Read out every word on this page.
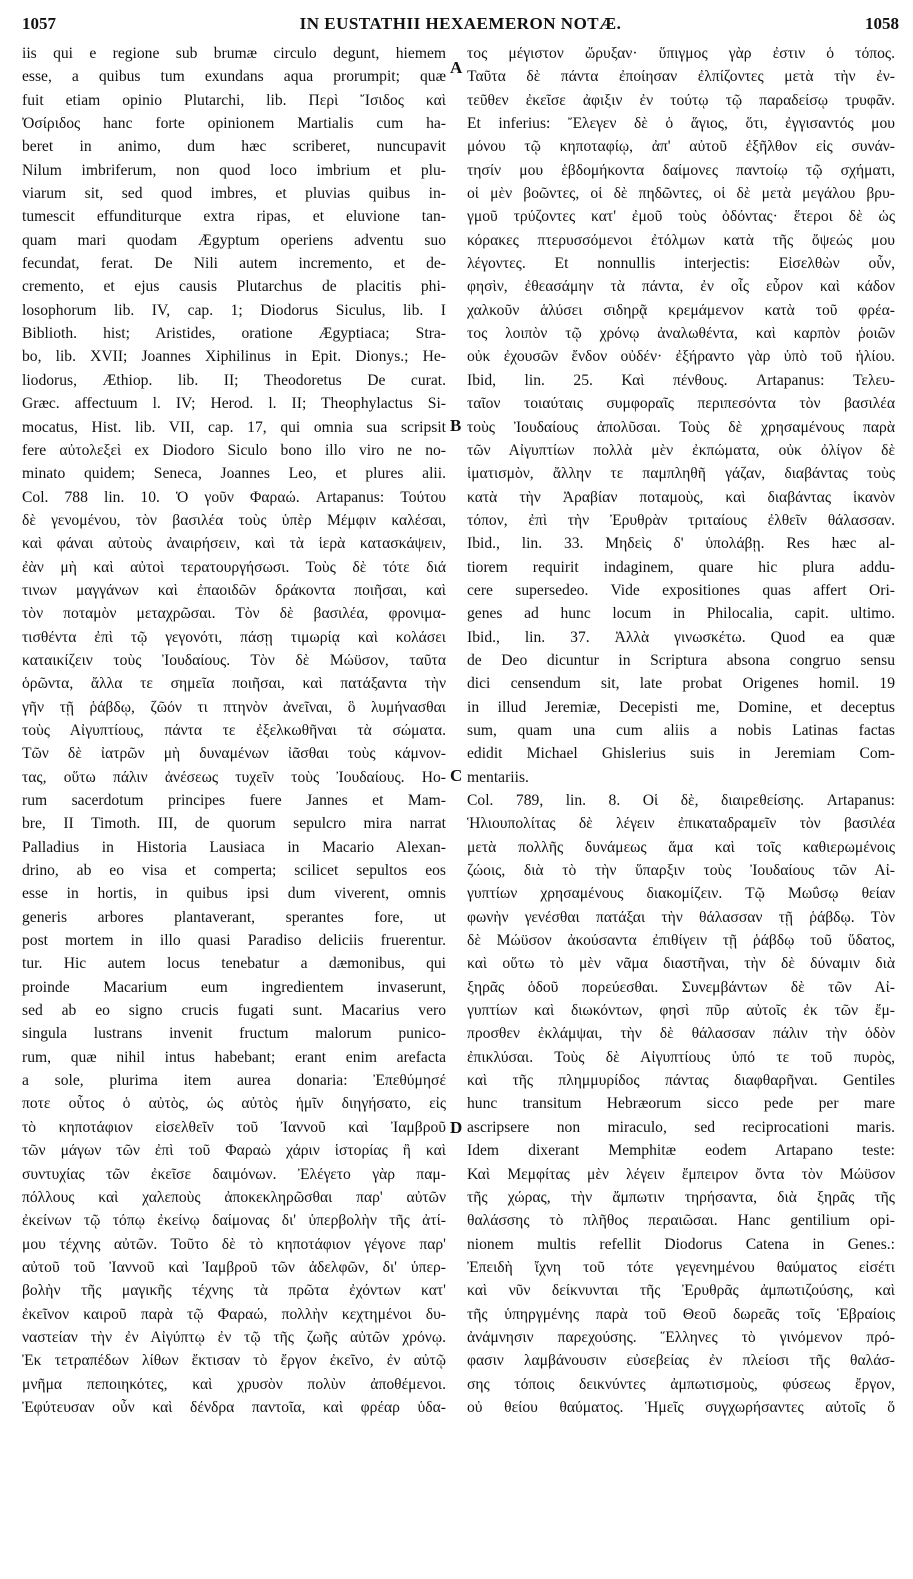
1057	IN EUSTATHII HEXAEMERON NOTÆ.	1058
iis qui e regione sub brumæ circulo degunt, hiemem
esse, a quibus tum exundans aqua prorumpit; quæ
fuit etiam opinio Plutarchi, lib. Περὶ Ἴσιδος καὶ
Ὀσίριδος hanc forte opinionem Martialis cum ha-
beret in animo, dum hæc scriberet, nuncupavit
Nilum imbriferum, non quod loco imbrium et plu-
viarum sit, sed quod imbres, et pluvias quibus in-
tumescit effunditurque extra ripas, et eluvione tan-
quam mari quodam Ægyptum operiens adventu suo
fecundat, ferat. De Nili autem incremento, et de-
cremento, et ejus causis Plutarchus de placitis phi-
losophorum lib. IV, cap. 1; Diodorus Siculus, lib. I
Biblioth. hist; Aristides, oratione Ægyptiaca; Stra-
bo, lib. XVII; Joannes Xiphilinus in Epit. Dionys.; He-
liodorus, Æthiop. lib. II; Theodoretus De curat.
Græc. affectuum l. IV; Herod. l. II; Theophylactus Si-
mocatus, Hist. lib. VII, cap. 17, qui omnia sua scripsit
fere αὐτολεξεὶ ex Diodoro Siculo bono illo viro ne no-
minato quidem; Seneca, Joannes Leo, et plures alii.
Col. 788 lin. 10. Ὁ γοῦν Φαραώ. Artapanus: Τούτου
δὲ γενομένου, τὸν βασιλέα τοὺς ὑπὲρ Μέμφιν καλέσαι,
καὶ φάναι αὐτοὺς ἀναιρήσειν, καὶ τὰ ἱερὰ κατασκάψειν,
ἐὰν μὴ καὶ αὐτοὶ τερατουργήσωσι. Τοὺς δὲ τότε διά
τινων μαγγάνων καὶ ἐπαοιδῶν δράκοντα ποιῆσαι, καὶ
τὸν ποταμὸν μεταχρῶσαι. Τὸν δὲ βασιλέα, φρονιμα-
τισθέντα ἐπὶ τῷ γεγονότι, πάσῃ τιμωρίᾳ καὶ κολάσει
καταικίζειν τοὺς Ἰουδαίους. Τὸν δὲ Μώϋσον, ταῦτα
ὁρῶντα, ἄλλα τε σημεῖα ποιῆσαι, καὶ πατάξαντα τὴν
γῆν τῇ ῥάβδῳ, ζῶόν τι πτηνὸν ἀνεῖναι, ὃ λυμήνασθαι
τοὺς Αἰγυπτίους, πάντα τε ἐξελκωθῆναι τὰ σώματα.
Τῶν δὲ ἰατρῶν μὴ δυναμένων ἰᾶσθαι τοὺς κάμνον-
τας, οὕτω πάλιν ἀνέσεως τυχεῖν τοὺς Ἰουδαίους. Ho-
rum sacerdotum principes fuere Jannes et Mam-
bre, II Timoth. III, de quorum sepulcro mira narrat
Palladius in Historia Lausiaca in Macario Alexan-
drino, ab eo visa et comperta; scilicet sepultos eos
esse in hortis, in quibus ipsi dum viverent, omnis
generis arbores plantaverant, sperantes fore, ut
post mortem in illo quasi Paradiso deliciis fruerentur.
tur. Hic autem locus tenebatur a dæmonibus, qui
proinde Macarium eum ingredientem invaserunt,
sed ab eo signo crucis fugati sunt. Macarius vero
singula lustrans invenit fructum malorum punico-
rum, quæ nihil intus habebant; erant enim arefacta
a sole, plurima item aurea donaria: Ἐπεθύμησέ
ποτε οὗτος ὁ αὐτὸς, ὡς αὐτὸς ἡμῖν διηγήσατο, εἰς
τὸ κηποτάφιον εἰσελθεῖν τοῦ Ἰαννοῦ καὶ Ἰαμβροῦ
τῶν μάγων τῶν ἐπὶ τοῦ Φαραὼ χάριν ἱστορίας ἢ καὶ
συντυχίας τῶν ἐκεῖσε δαιμόνων. Ἐλέγετο γὰρ παμ-
πόλλους καὶ χαλεποὺς ἀποκεκληρῶσθαι παρ' αὐτῶν
ἐκείνων τῷ τόπῳ ἐκείνῳ δαίμονας δι' ὑπερβολὴν τῆς ἀτί-
μου τέχνης αὐτῶν. Τοῦτο δὲ τὸ κηποτάφιον γέγονε παρ'
αὐτοῦ τοῦ Ἰαννοῦ καὶ Ἰαμβροῦ τῶν ἀδελφῶν, δι' ὑπερ-
βολὴν τῆς μαγικῆς τέχνης τὰ πρῶτα ἐχόντων κατ'
ἐκεῖνον καιροῦ παρὰ τῷ Φαραώ, πολλὴν κεχτημένοι δυ-
ναστείαν τὴν ἐν Αἰγύπτῳ ἐν τῷ τῆς ζωῆς αὐτῶν χρόνῳ.
Ἐκ τετραπέδων λίθων ἔκτισαν τὸ ἔργον ἐκεῖνο, ἐν αὐτῷ
μνῆμα πεποιηκότες, καὶ χρυσὸν πολὺν ἀποθέμενοι.
Ἐφύτευσαν οὖν καὶ δένδρα παντοῖα, καὶ φρέαρ ὑδα-
τος μέγιστον ὤρυξαν· ὕπιγμος γὰρ ἐστιν ὁ τόπος.
Ταῦτα δὲ πάντα ἐποίησαν ἐλπίζοντες μετὰ τὴν ἐν-
τεῦθεν ἐκεῖσε ἀφιξιν ἐν τούτῳ τῷ παραδείσῳ τρυφᾶν.
Et inferius: Ἔλεγεν δὲ ὁ ἅγιος, ὅτι, ἐγγισαντός μου
μόνου τῷ κηποταφίῳ, ἀπ' αὐτοῦ ἐξῆλθον εἰς συνάν-
τησίν μου ἑβδομήκοντα δαίμονες παντοίῳ τῷ σχήματι,
οἱ μὲν βοῶντες, οἱ δὲ πηδῶντες, οἱ δὲ μετὰ μεγάλου βρυ-
γμοῦ τρύζοντες κατ' ἐμοῦ τοὺς ὀδόντας· ἕτεροι δὲ ὡς
κόρακες πτερυσσόμενοι ἐτόλμων κατὰ τῆς ὄψεώς μου
λέγοντες. Et nonnullis interjectis: Εἰσελθὼν οὖν,
φησὶν, ἐθεασάμην τὰ πάντα, ἐν οἷς εὗρον καὶ κάδον
χαλκοῦν ἁλύσει σιδηρᾷ κρεμάμενον κατὰ τοῦ φρέα-
τος λοιπὸν τῷ χρόνῳ ἀναλωθέντα, καὶ καρπὸν ῥοιῶν
οὐκ ἐχουσῶν ἔνδον οὐδέν· ἐξήραντο γὰρ ὑπὸ τοῦ ἡλίου.
Ibid, lin. 25. Καὶ πένθους. Artapanus: Τελευ-
ταῖον τοιαύταις συμφοραῖς περιπεσόντα τὸν βασιλέα
τοὺς Ἰουδαίους ἀπολῦσαι. Τοὺς δὲ χρησαμένους παρὰ
τῶν Αἰγυπτίων πολλὰ μὲν ἐκπώματα, οὐκ ὀλίγον δὲ
ἱματισμὸν, ἄλλην τε παμπληθῆ γάζαν, διαβάντας τοὺς
κατὰ τὴν Ἀραβίαν ποταμοὺς, καὶ διαβάντας ἱκανὸν
τόπον, ἐπὶ τὴν Ἐρυθρὰν τριταίους ἐλθεῖν θάλασσαν.
Ibid., lin. 33. Μηδεὶς δ' ὑπολάβῃ. Res hæc al-
tiorem requirit indaginem, quare hic plura addu-
cere supersedeo. Vide expositiones quas affert Ori-
genes ad hunc locum in Philocalia, capit. ultimo.
Ibid., lin. 37. Ἀλλὰ γινωσκέτω. Quod ea quæ
de Deo dicuntur in Scriptura absona congruo sensu
dici censendum sit, late probat Origenes homil. 19
in illud Jeremiæ, Decepisti me, Domine, et deceptus
sum, quam una cum aliis a nobis Latinas factas
edidit Michael Ghislerius suis in Jeremiam Com-
mentariis.
Col. 789, lin. 8. Οἱ δὲ, διαιρεθείσης. Artapanus:
Ἡλιουπολίτας δὲ λέγειν ἐπικαταδραμεῖν τὸν βασιλέα
μετὰ πολλῆς δυνάμεως ἅμα καὶ τοῖς καθιερωμένοις
ζώοις, διὰ τὸ τὴν ὕπαρξιν τοὺς Ἰουδαίους τῶν Αἰ-
γυπτίων χρησαμένους διακομίζειν. Τῷ Μωΰσῳ θείαν
φωνὴν γενέσθαι πατάξαι τὴν θάλασσαν τῇ ῥάβδῳ. Τὸν
δὲ Μώϋσον ἀκούσαντα ἐπιθίγειν τῇ ῥάβδῳ τοῦ ὕδατος,
καὶ οὕτω τὸ μὲν νᾶμα διαστῆναι, τὴν δὲ δύναμιν διὰ
ξηρᾶς ὁδοῦ πορεύεσθαι. Συνεμβάντων δὲ τῶν Αἰ-
γυπτίων καὶ διωκόντων, φησὶ πῦρ αὐτοῖς ἐκ τῶν ἔμ-
προσθεν ἐκλάμψαι, τὴν δὲ θάλασσαν πάλιν τὴν ὁδὸν
ἐπικλύσαι. Τοὺς δὲ Αἰγυπτίους ὑπό τε τοῦ πυρὸς,
καὶ τῆς πλημμυρίδος πάντας διαφθαρῆναι. Gentiles
hunc transitum Hebræorum sicco pede per mare
ascripsere non miraculo, sed reciprocationi maris.
Idem dixerant Memphitæ eodem Artapano teste:
Καὶ Μεμφίτας μὲν λέγειν ἔμπειρον ὄντα τὸν Μώϋσον
τῆς χώρας, τὴν ἄμπωτιν τηρήσαντα, διὰ ξηρᾶς τῆς
θαλάσσης τὸ πλῆθος περαιῶσαι. Hanc gentilium opi-
nionem multis refellit Diodorus Catena in Genes.:
Ἐπειδὴ ἴχνη τοῦ τότε γεγενημένου θαύματος εἰσέτι
καὶ νῦν δείκνυνται τῆς Ἐρυθρᾶς ἀμπωτιζούσης, καὶ
τῆς ὑπηργμένης παρὰ τοῦ Θεοῦ δωρεᾶς τοῖς Ἑβραίοις
ἀνάμνησιν παρεχούσης. Ἕλληνες τὸ γινόμενον πρό-
φασιν λαμβάνουσιν εὐσεβείας ἐν πλείοσι τῆς θαλάσ-
σης τόποις δεικνύντες ἀμπωτισμοὺς, φύσεως ἔργον,
οὐ θείου θαύματος. Ἡμεῖς συγχωρήσαντες αὐτοῖς ὅ
A
B
C
D
